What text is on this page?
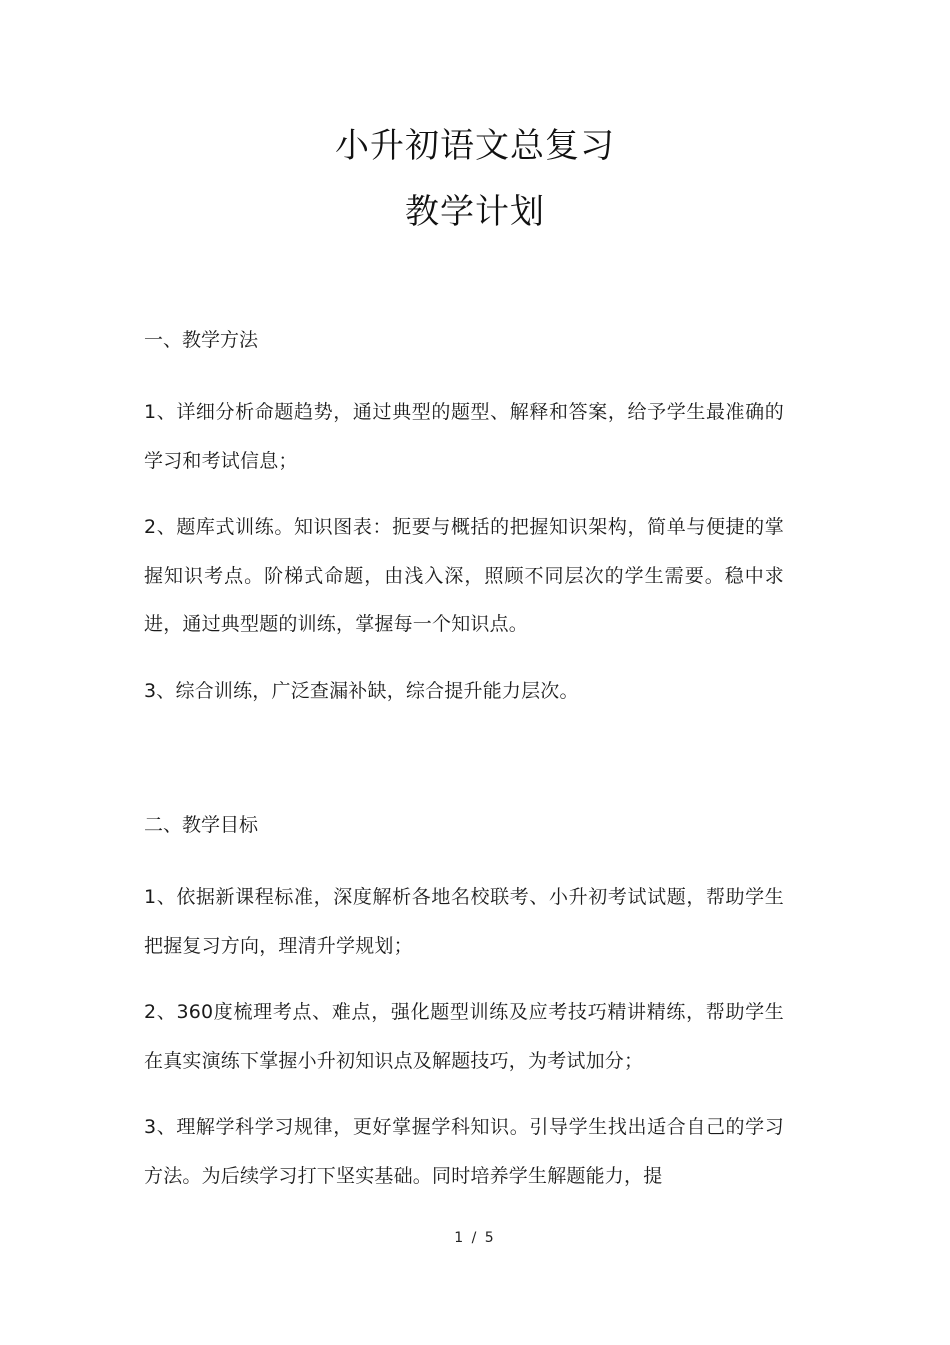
小升初语文总复习
教学计划

一、教学方法

1、详细分析命题趋势，通过典型的题型、解释和答案，给予学生最准确的学习和考试信息；

2、题库式训练。知识图表：扼要与概括的把握知识架构，简单与便捷的掌握知识考点。阶梯式命题，由浅入深，照顾不同层次的学生需要。稳中求进，通过典型题的训练，掌握每一个知识点。

3、综合训练，广泛查漏补缺，综合提升能力层次。

二、教学目标

1、依据新课程标准，深度解析各地名校联考、小升初考试试题，帮助学生把握复习方向，理清升学规划；

2、360度梳理考点、难点，强化题型训练及应考技巧精讲精练，帮助学生在真实演练下掌握小升初知识点及解题技巧，为考试加分；

3、理解学科学习规律，更好掌握学科知识。引导学生找出适合自己的学习方法。为后续学习打下坚实基础。同时培养学生解题能力，提

1 / 5
